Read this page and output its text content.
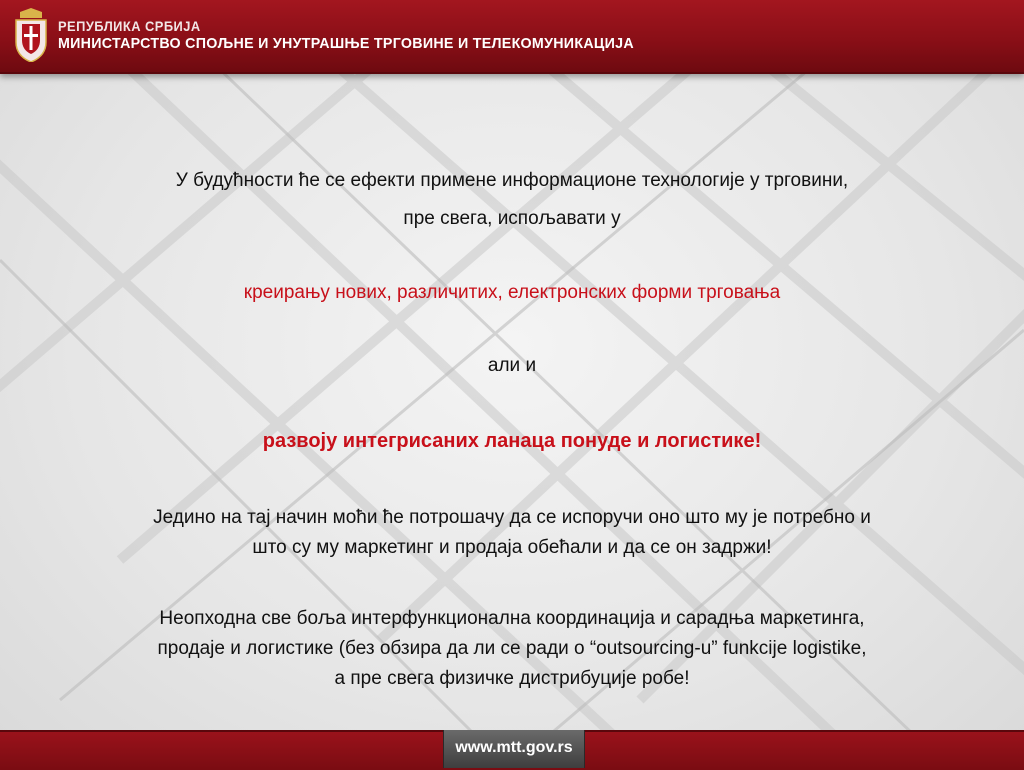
РЕПУБЛИКА СРБИЈА
МИНИСТАРСТВО СПОЉНЕ И УНУТРАШЊЕ ТРГОВИНЕ И ТЕЛЕКОМУНИКАЦИЈА
У будућности ће се ефекти примене информационе технологије у трговини,
пре свега, испољавати у
креирању нових, различитих, електронских форми трговања
али и
развоју интегрисаних ланаца понуде и логистике!
Једино на тај начин моћи ће потрошачу да се испоручи оно што му је потребно и
што су му маркетинг и продаја обећали и да се он задржи!
Неопходна све боља интерфункционална координација и сарадња маркетинга,
продаје и логистике (без обзира да ли се ради о “outsourcing-u” funkcije logistike,
а пре свега физичке дистрибуције робе!
www.mtt.gov.rs
